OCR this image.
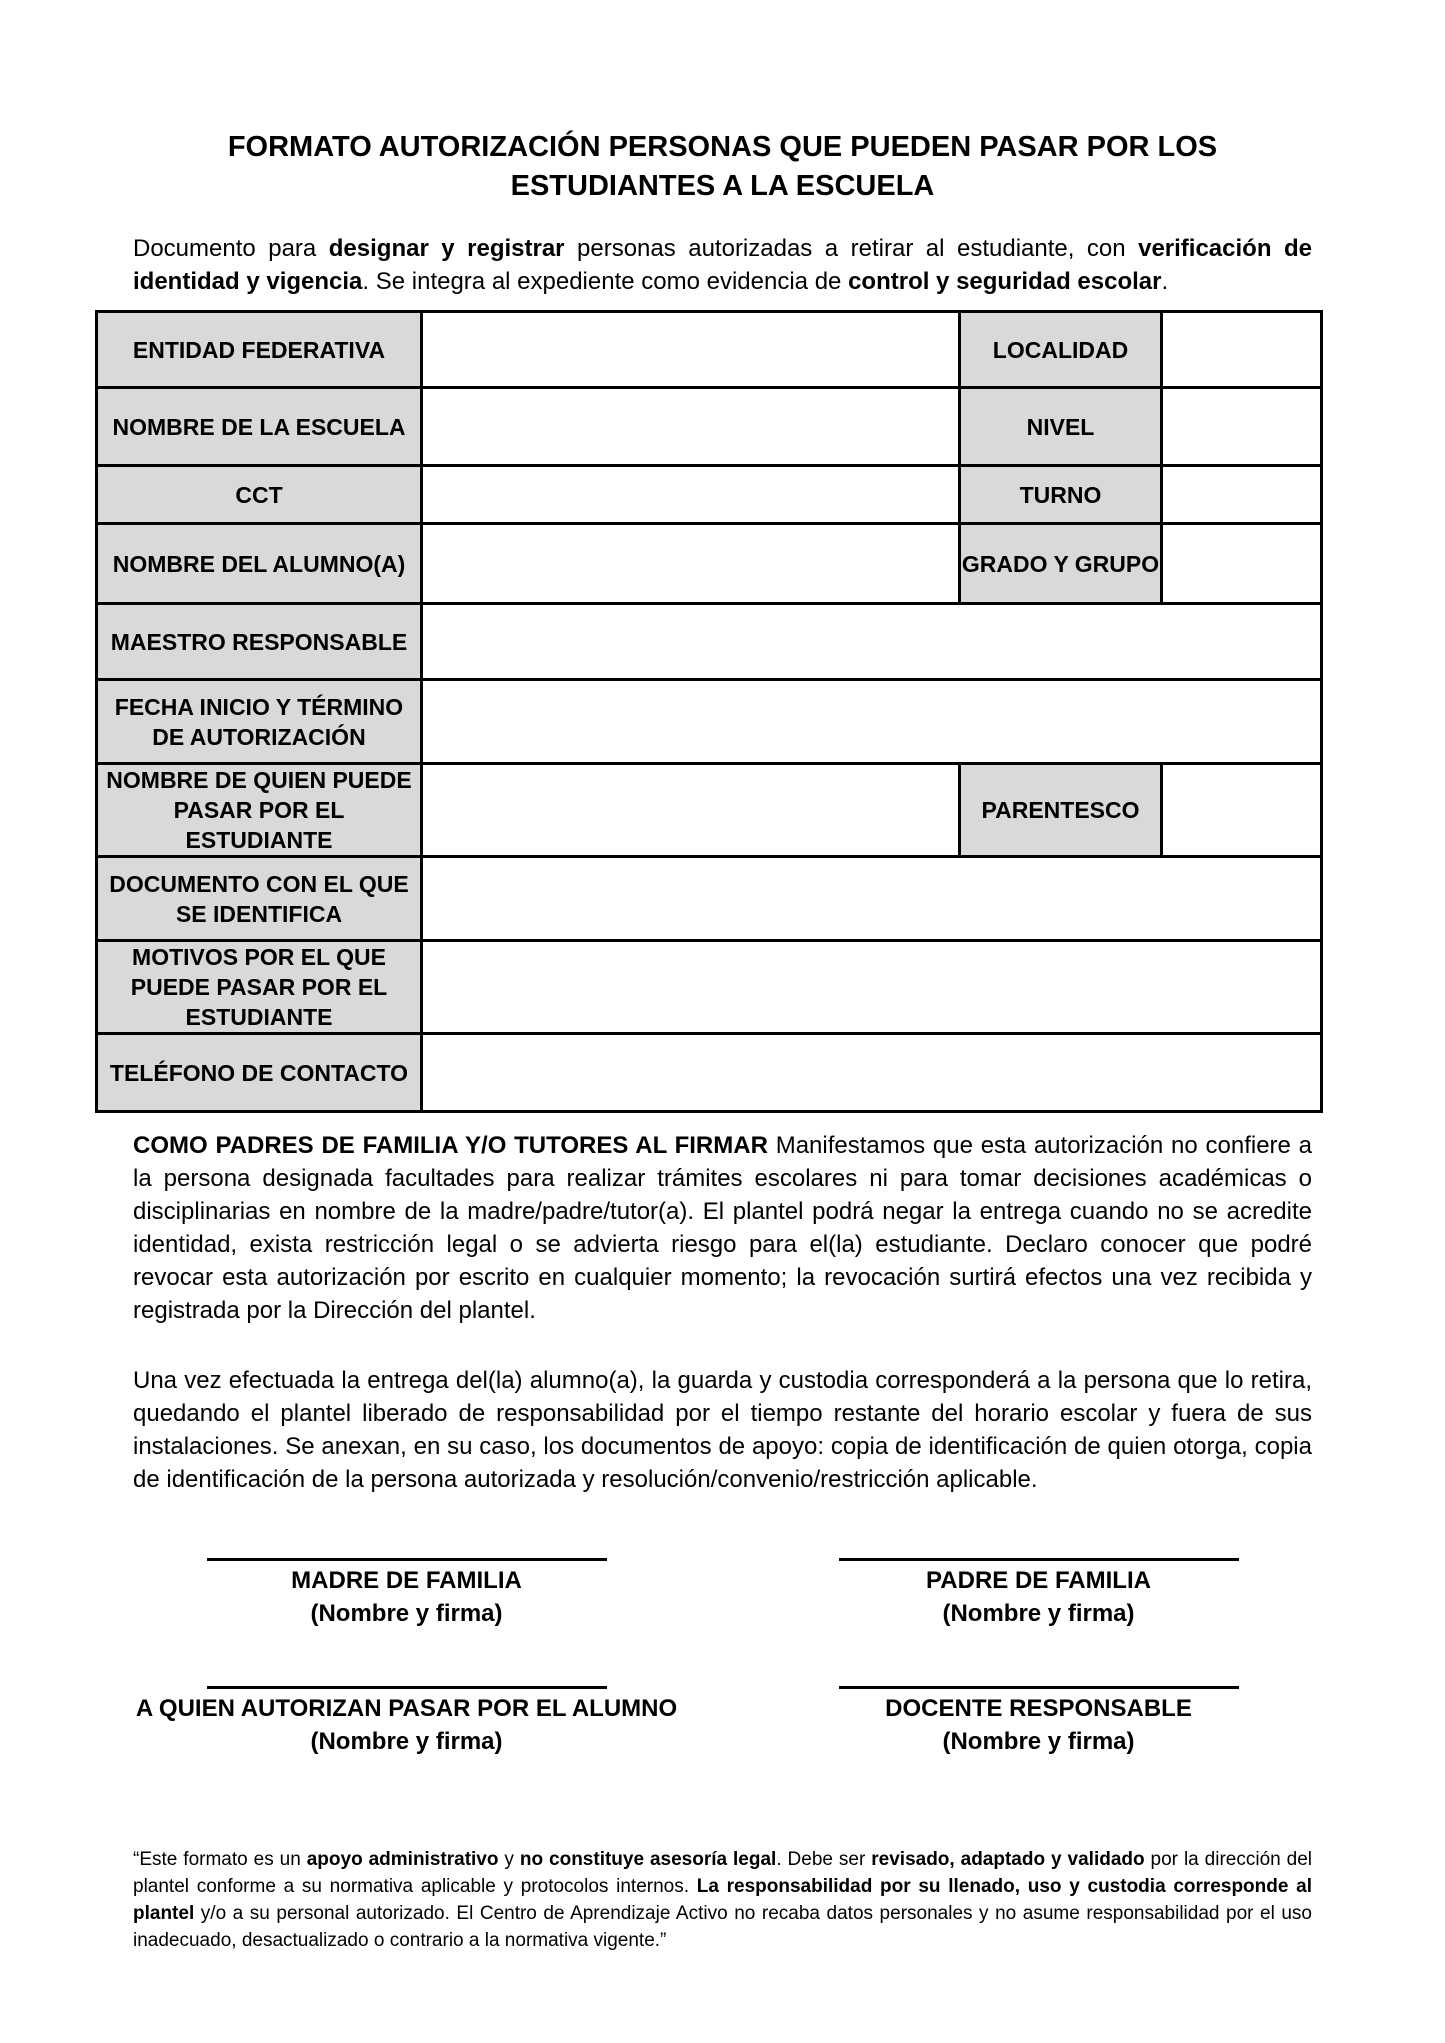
FORMATO AUTORIZACIÓN PERSONAS QUE PUEDEN PASAR POR LOS
ESTUDIANTES A LA ESCUELA

Documento para designar y registrar personas autorizadas a retirar al estudiante, con verificación de identidad y vigencia. Se integra al expediente como evidencia de control y seguridad escolar.

ENTIDAD FEDERATIVA		LOCALIDAD	
NOMBRE DE LA ESCUELA		NIVEL	
CCT		TURNO	
NOMBRE DEL ALUMNO(A)		GRADO Y GRUPO	
MAESTRO RESPONSABLE			
FECHA INICIO Y TÉRMINO DE AUTORIZACIÓN			
NOMBRE DE QUIEN PUEDE PASAR POR EL ESTUDIANTE		PARENTESCO	
DOCUMENTO CON EL QUE SE IDENTIFICA			
MOTIVOS POR EL QUE PUEDE PASAR POR EL ESTUDIANTE			
TELÉFONO DE CONTACTO			

COMO PADRES DE FAMILIA Y/O TUTORES AL FIRMAR Manifestamos que esta autorización no confiere a la persona designada facultades para realizar trámites escolares ni para tomar decisiones académicas o disciplinarias en nombre de la madre/padre/tutor(a). El plantel podrá negar la entrega cuando no se acredite identidad, exista restricción legal o se advierta riesgo para el(la) estudiante. Declaro conocer que podré revocar esta autorización por escrito en cualquier momento; la revocación surtirá efectos una vez recibida y registrada por la Dirección del plantel.

Una vez efectuada la entrega del(la) alumno(a), la guarda y custodia corresponderá a la persona que lo retira, quedando el plantel liberado de responsabilidad por el tiempo restante del horario escolar y fuera de sus instalaciones. Se anexan, en su caso, los documentos de apoyo: copia de identificación de quien otorga, copia de identificación de la persona autorizada y resolución/convenio/restricción aplicable.

MADRE DE FAMILIA
(Nombre y firma)
PADRE DE FAMILIA
(Nombre y firma)
A QUIEN AUTORIZAN PASAR POR EL ALUMNO
(Nombre y firma)
DOCENTE RESPONSABLE
(Nombre y firma)

“Este formato es un apoyo administrativo y no constituye asesoría legal. Debe ser revisado, adaptado y validado por la dirección del plantel conforme a su normativa aplicable y protocolos internos. La responsabilidad por su llenado, uso y custodia corresponde al plantel y/o a su personal autorizado. El Centro de Aprendizaje Activo no recaba datos personales y no asume responsabilidad por el uso inadecuado, desactualizado o contrario a la normativa vigente.”
